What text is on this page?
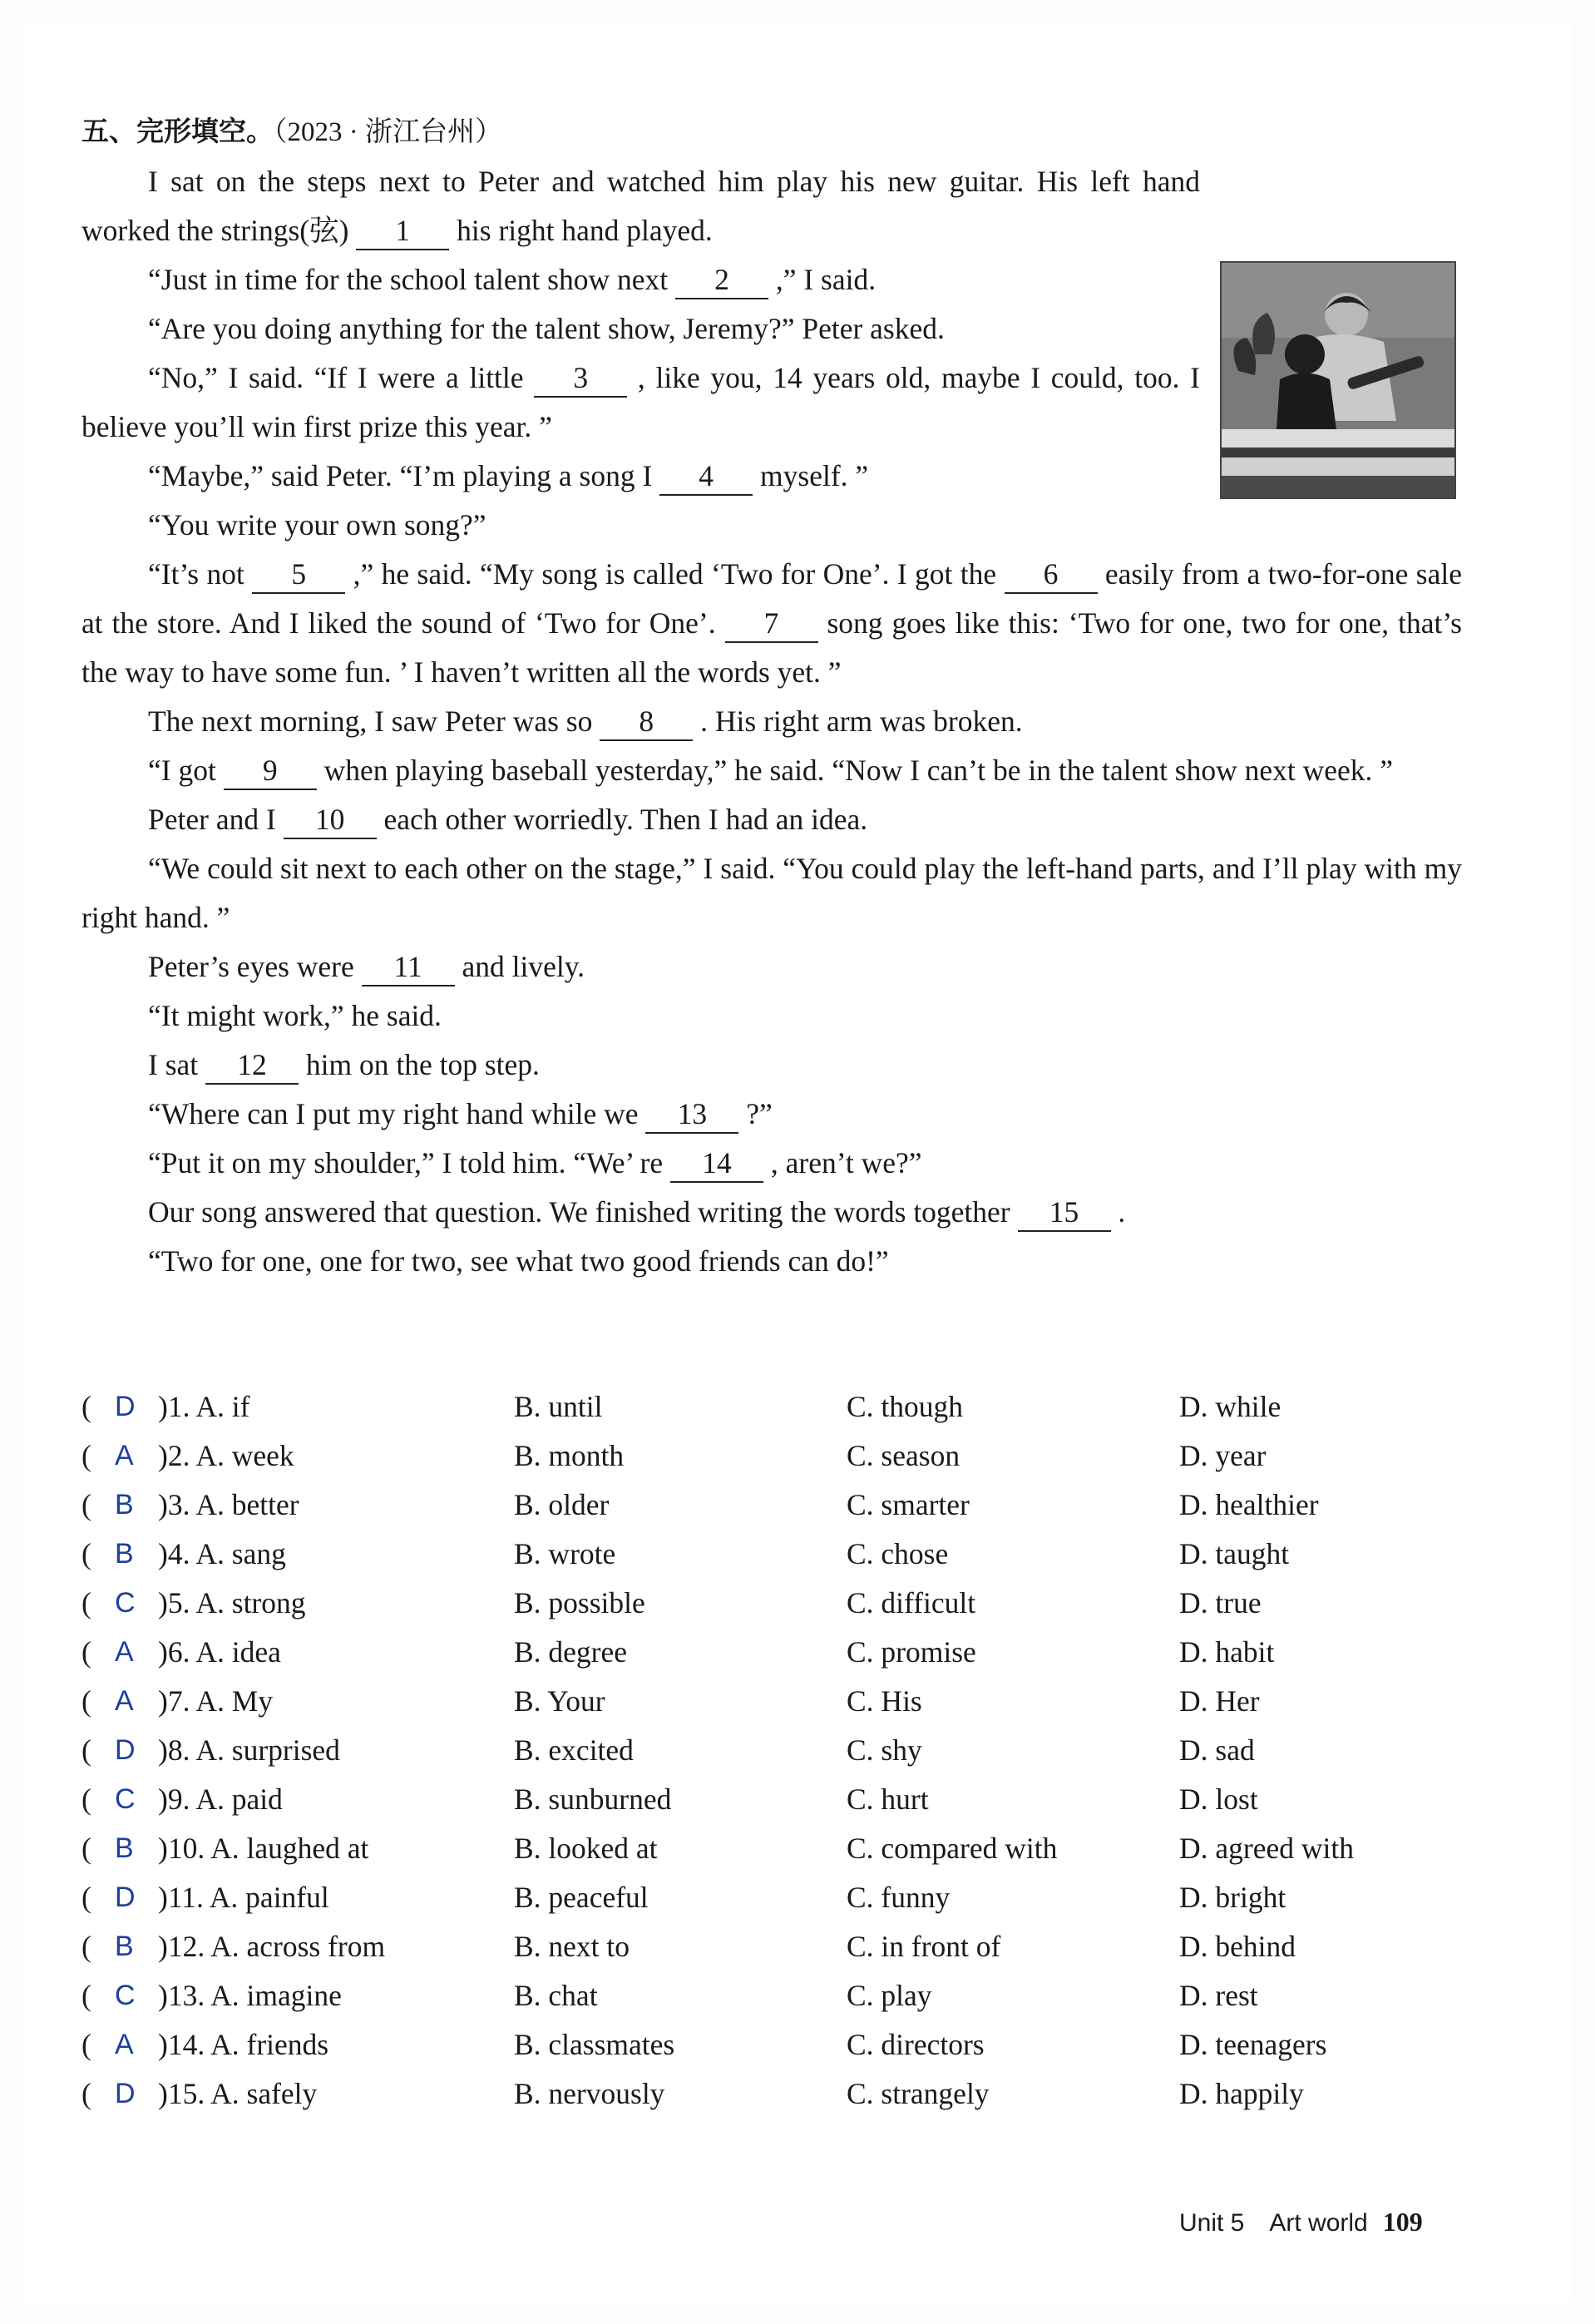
五、完形填空。（2023 · 浙江台州）

I sat on the steps next to Peter and watched him play his new guitar. His left hand worked the strings(弦) 1 his right hand played.

“Just in time for the school talent show next 2 ,” I said.

“Are you doing anything for the talent show, Jeremy?” Peter asked.

“No,” I said. “If I were a little 3 , like you, 14 years old, maybe I could, too. I believe you’ll win first prize this year. ”

“Maybe,” said Peter. “I’m playing a song I 4 myself. ”

“You write your own song?”

“It’s not 5 ,” he said. “My song is called ‘Two for One’. I got the 6 easily from a two-for-one sale at the store. And I liked the sound of ‘Two for One’. 7 song goes like this: ‘Two for one, two for one, that’s the way to have some fun. ’ I haven’t written all the words yet. ”

The next morning, I saw Peter was so 8 . His right arm was broken.

“I got 9 when playing baseball yesterday,” he said. “Now I can’t be in the talent show next week. ”

Peter and I 10 each other worriedly. Then I had an idea.

“We could sit next to each other on the stage,” I said. “You could play the left-hand parts, and I’ll play with my right hand. ”

Peter’s eyes were 11 and lively.

“It might work,” he said.

I sat 12 him on the top step.

“Where can I put my right hand while we 13 ?”

“Put it on my shoulder,” I told him. “We’ re 14 , aren’t we?”

Our song answered that question. We finished writing the words together 15 .

“Two for one, one for two, see what two good friends can do!”

( D )1. A. if	B. until	C. though	D. while
( A )2. A. week	B. month	C. season	D. year
( B )3. A. better	B. older	C. smarter	D. healthier
( B )4. A. sang	B. wrote	C. chose	D. taught
( C )5. A. strong	B. possible	C. difficult	D. true
( A )6. A. idea	B. degree	C. promise	D. habit
( A )7. A. My	B. Your	C. His	D. Her
( D )8. A. surprised	B. excited	C. shy	D. sad
( C )9. A. paid	B. sunburned	C. hurt	D. lost
( B )10. A. laughed at	B. looked at	C. compared with	D. agreed with
( D )11. A. painful	B. peaceful	C. funny	D. bright
( B )12. A. across from	B. next to	C. in front of	D. behind
( C )13. A. imagine	B. chat	C. play	D. rest
( A )14. A. friends	B. classmates	C. directors	D. teenagers
( D )15. A. safely	B. nervously	C. strangely	D. happily
Unit 5 Art world 109
